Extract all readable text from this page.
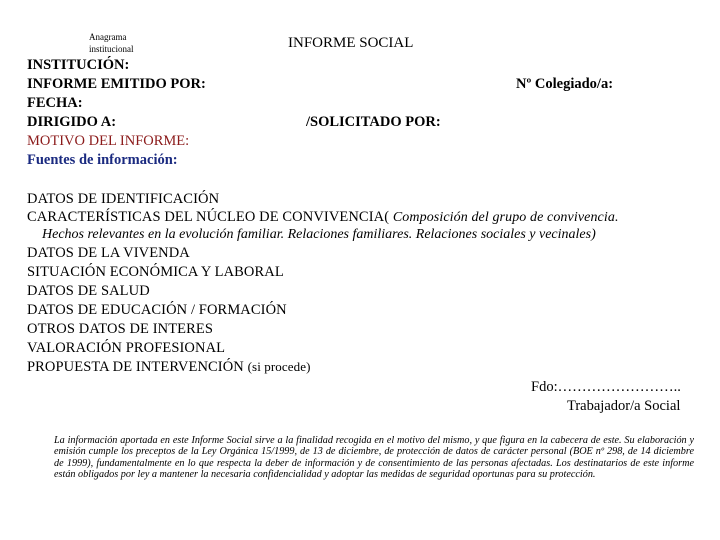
Anagrama
institucional	INFORME SOCIAL
INSTITUCIÓN:
INFORME EMITIDO POR:	Nº Colegiado/a:
FECHA:
DIRIGIDO A:	/SOLICITADO POR:
MOTIVO DEL INFORME:
Fuentes de información:
DATOS DE IDENTIFICACIÓN
CARACTERÍSTICAS DEL NÚCLEO DE CONVIVENCIA( Composición del grupo de convivencia.
Hechos relevantes en la evolución familiar. Relaciones familiares. Relaciones sociales y vecinales)
DATOS DE LA VIVENDA
SITUACIÓN ECONÓMICA Y LABORAL
DATOS DE SALUD
DATOS DE EDUCACIÓN / FORMACIÓN
OTROS DATOS DE INTERES
VALORACIÓN PROFESIONAL
PROPUESTA DE INTERVENCIÓN (si procede)
Fdo:……………………..
Trabajador/a Social
La información aportada en este Informe Social sirve a la finalidad recogida en el motivo del mismo, y que figura en la cabecera de este. Su elaboración y emisión cumple los preceptos de la Ley Orgánica 15/1999, de 13 de diciembre, de protección de datos de carácter personal (BOE nº 298, de 14 diciembre de 1999), fundamentalmente en lo que respecta la deber de información y de consentimiento de las personas afectadas. Los destinatarios de este informe están obligados por ley a mantener la necesaria confidencialidad y adoptar las medidas de seguridad oportunas para su protección.
